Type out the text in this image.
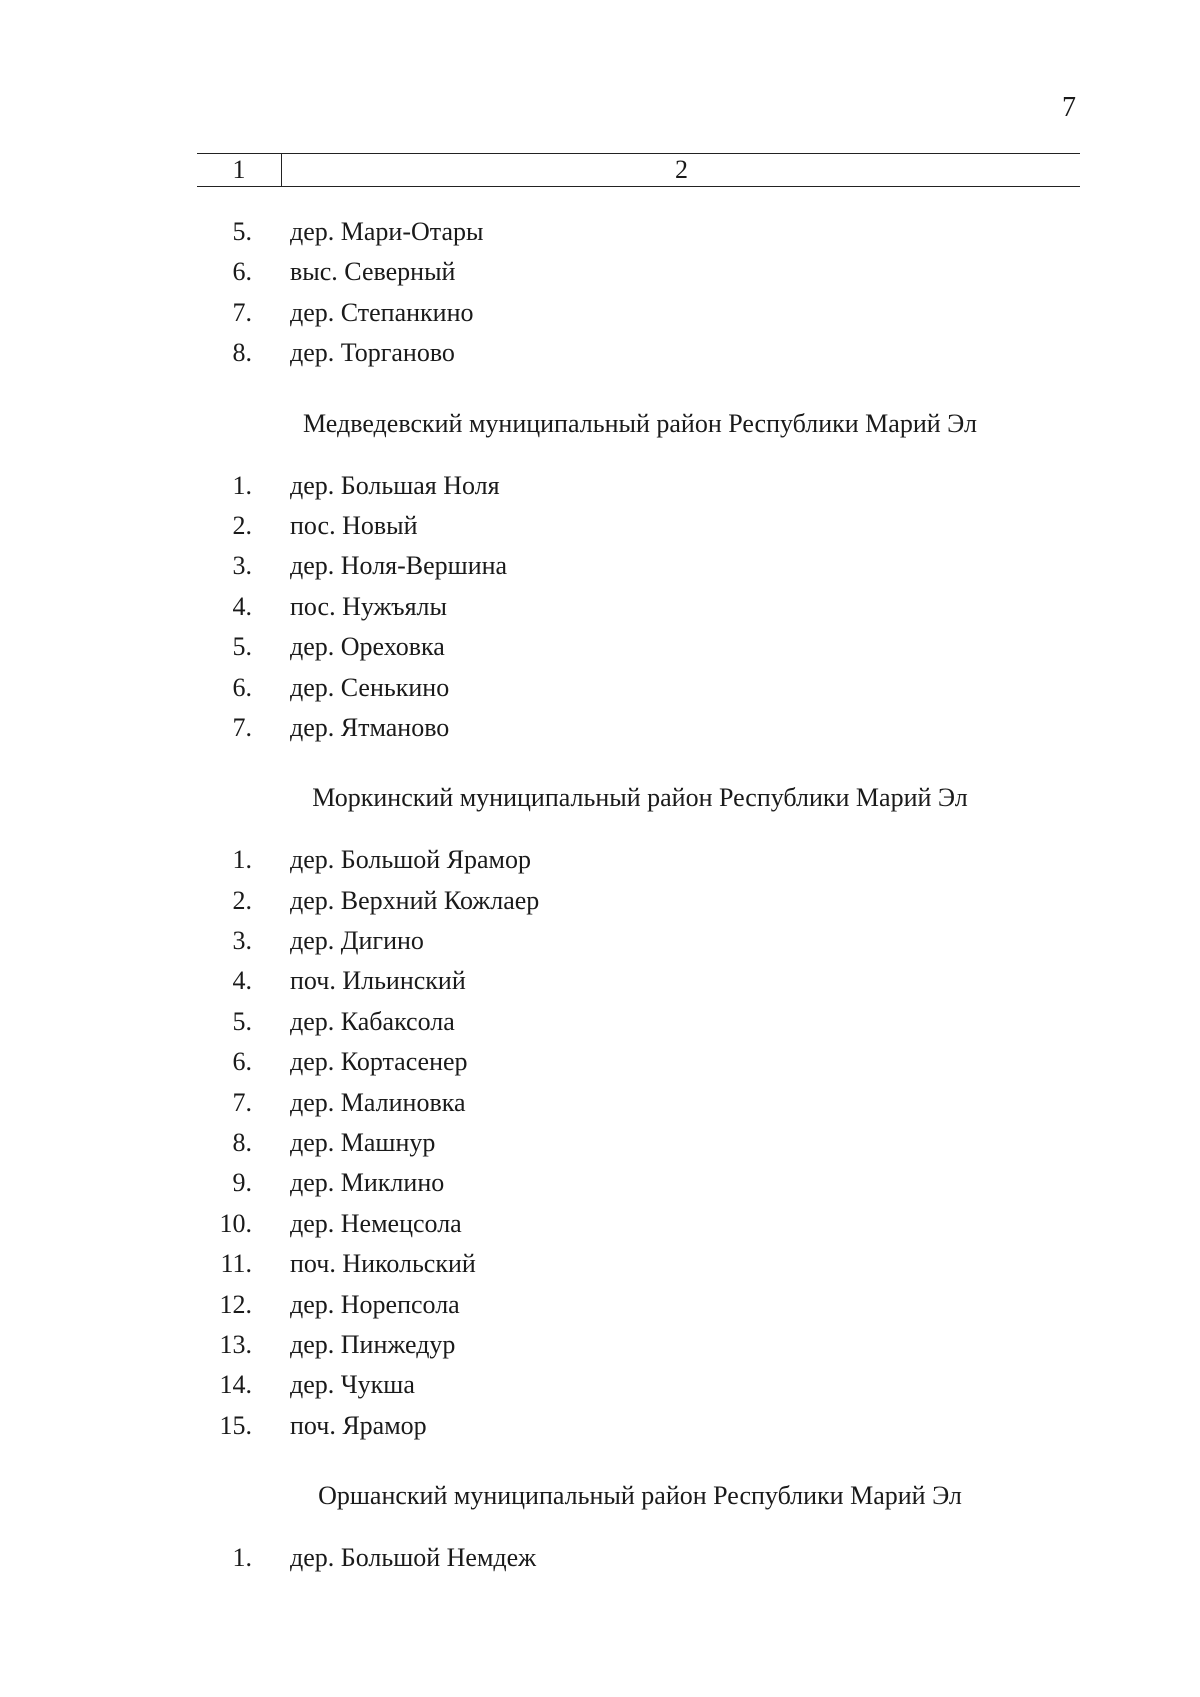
7
1	2
5. дер. Мари-Отары
6. выс. Северный
7. дер. Степанкино
8. дер. Торганово
Медведевский муниципальный район Республики Марий Эл
1. дер. Большая Ноля
2. пос. Новый
3. дер. Ноля-Вершина
4. пос. Нужъялы
5. дер. Ореховка
6. дер. Сенькино
7. дер. Ятманово
Моркинский муниципальный район Республики Марий Эл
1. дер. Большой Ярамор
2. дер. Верхний Кожлаер
3. дер. Дигино
4. поч. Ильинский
5. дер. Кабаксола
6. дер. Кортасенер
7. дер. Малиновка
8. дер. Машнур
9. дер. Миклино
10. дер. Немецсола
11. поч. Никольский
12. дер. Норепсола
13. дер. Пинжедур
14. дер. Чукша
15. поч. Ярамор
Оршанский муниципальный район Республики Марий Эл
1. дер. Большой Немдеж
